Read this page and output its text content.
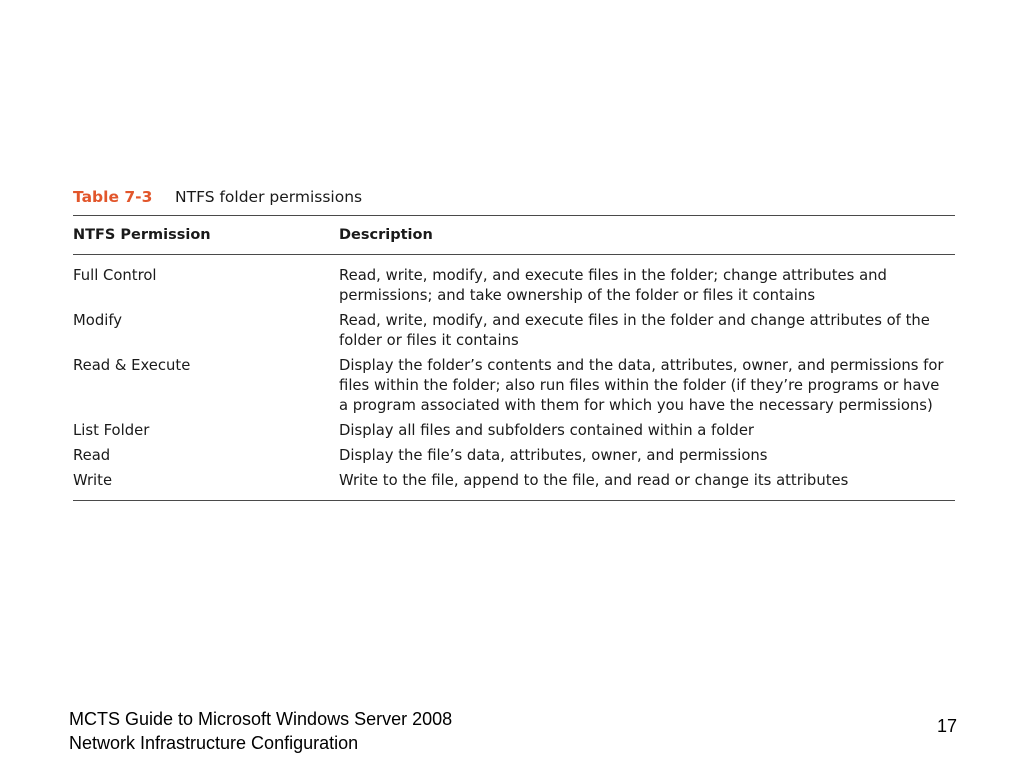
Table 7-3	NTFS folder permissions
NTFS Permission	Description
Full Control	Read, write, modify, and execute files in the folder; change attributes and permissions; and take ownership of the folder or files it contains
Modify	Read, write, modify, and execute files in the folder and change attributes of the folder or files it contains
Read & Execute	Display the folder’s contents and the data, attributes, owner, and permissions for files within the folder; also run files within the folder (if they’re programs or have a program associated with them for which you have the necessary permissions)
List Folder	Display all files and subfolders contained within a folder
Read	Display the file’s data, attributes, owner, and permissions
Write	Write to the file, append to the file, and read or change its attributes
MCTS Guide to Microsoft Windows Server 2008
Network Infrastructure Configuration
17
